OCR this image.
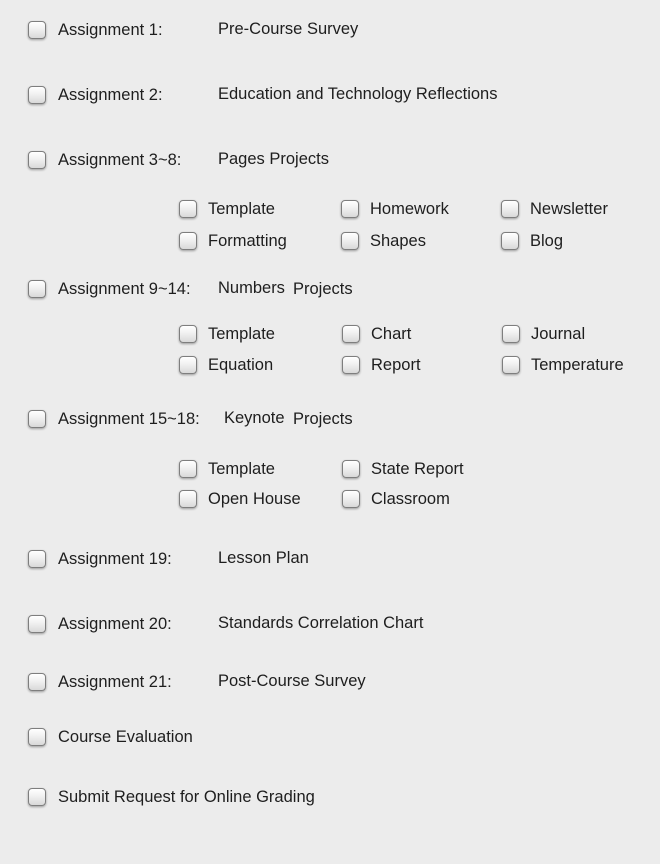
Assignment 1:	Pre-Course Survey
Assignment 2:	Education and Technology Reflections
Assignment 3~8: Pages Projects
Template	Homework	Newsletter
Formatting	Shapes	Blog
Assignment 9~14: Numbers Projects
Template	Chart	Journal
Equation	Report	Temperature
Assignment 15~18: Keynote Projects
Template	State Report
Open House	Classroom
Assignment 19:	Lesson Plan
Assignment 20:	Standards Correlation Chart
Assignment 21:	Post-Course Survey
Course Evaluation
Submit Request for Online Grading
